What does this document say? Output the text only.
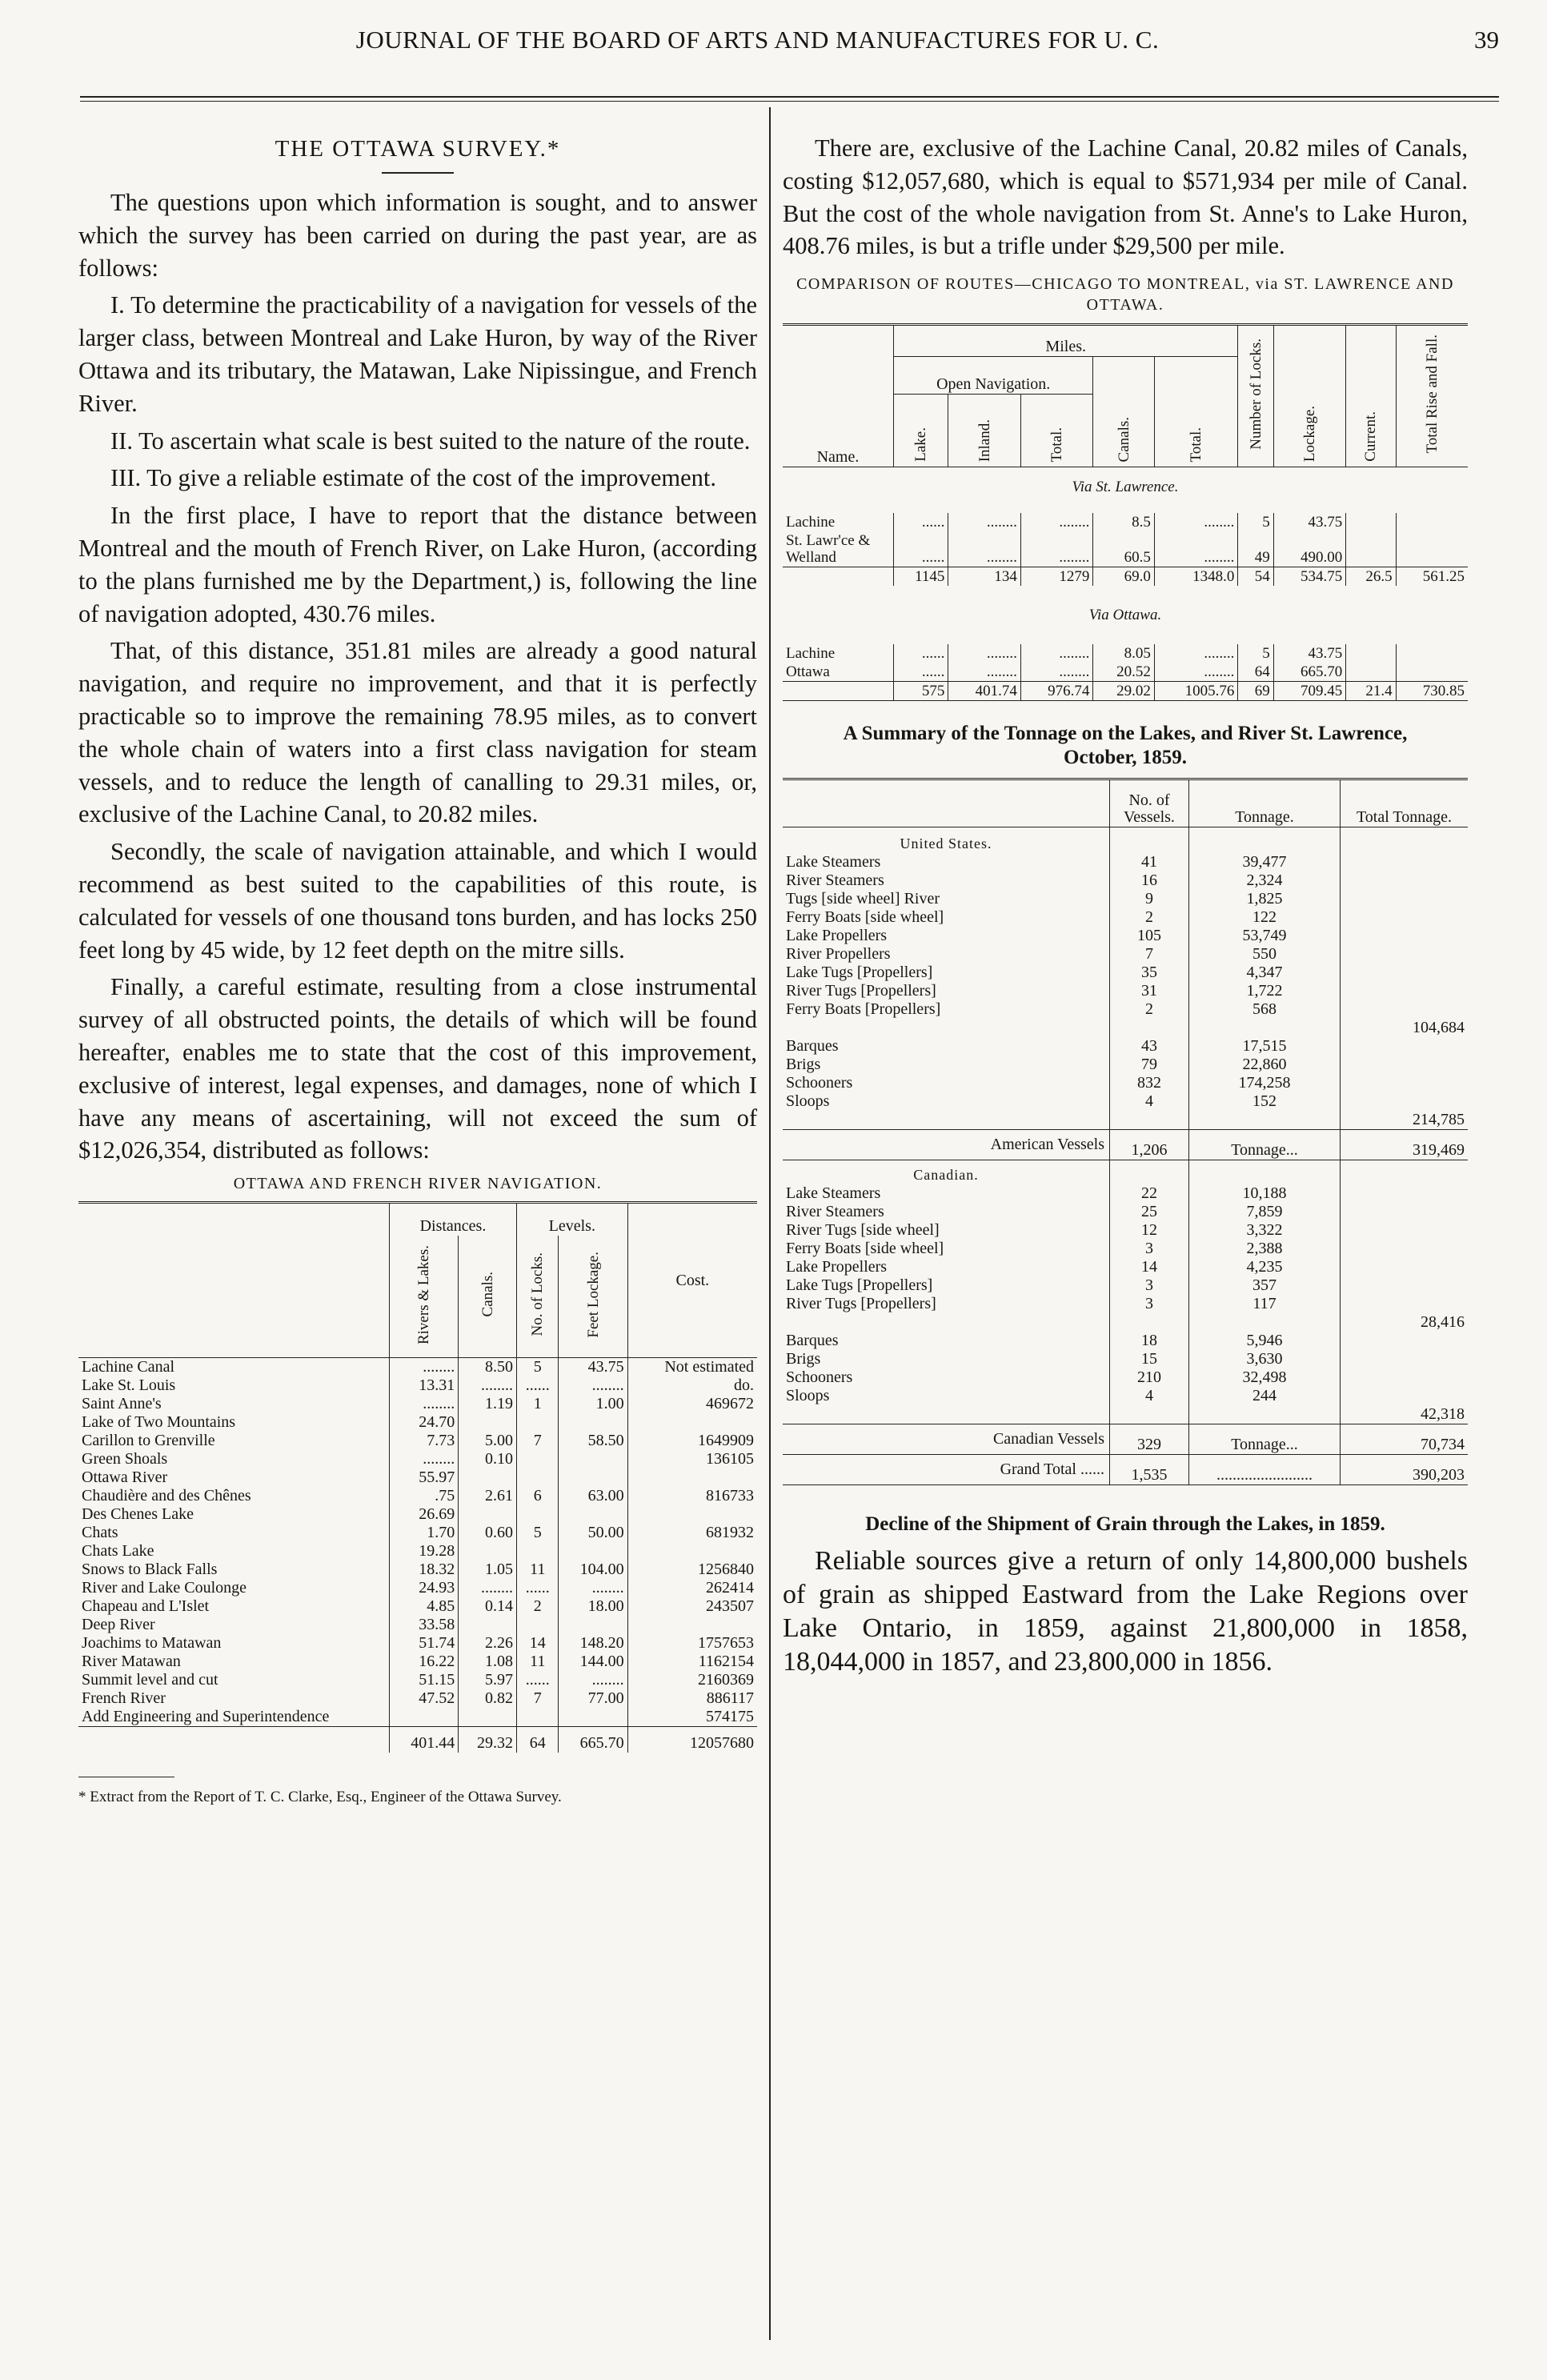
JOURNAL OF THE BOARD OF ARTS AND MANUFACTURES FOR U. C.	39
THE OTTAWA SURVEY.*

The questions upon which information is sought, and to answer which the survey has been carried on during the past year, are as follows:

I. To determine the practicability of a navigation for vessels of the larger class, between Montreal and Lake Huron, by way of the River Ottawa and its tributary, the Matawan, Lake Nipissingue, and French River.

II. To ascertain what scale is best suited to the nature of the route.

III. To give a reliable estimate of the cost of the improvement.

In the first place, I have to report that the distance between Montreal and the mouth of French River, on Lake Huron, (according to the plans furnished me by the Department,) is, following the line of navigation adopted, 430.76 miles.

That, of this distance, 351.81 miles are already a good natural navigation, and require no improvement, and that it is perfectly practicable so to improve the remaining 78.95 miles, as to convert the whole chain of waters into a first class navigation for steam vessels, and to reduce the length of canalling to 29.31 miles, or, exclusive of the Lachine Canal, to 20.82 miles.

Secondly, the scale of navigation attainable, and which I would recommend as best suited to the capabilities of this route, is calculated for vessels of one thousand tons burden, and has locks 250 feet long by 45 wide, by 12 feet depth on the mitre sills.

Finally, a careful estimate, resulting from a close instrumental survey of all obstructed points, the details of which will be found hereafter, enables me to state that the cost of this improvement, exclusive of interest, legal expenses, and damages, none of which I have any means of ascertaining, will not exceed the sum of $12,026,354, distributed as follows:

OTTAWA AND FRENCH RIVER NAVIGATION.
	Distances.		Levels.		Cost.
	Rivers & Lakes.	Canals.	No. of Locks.	Feet Lockage.	
Lachine Canal	........	8.50	5	43.75	Not estimated
Lake St. Louis	13.31	........	......	........	do.
Saint Anne's	........	1.19	1	1.00	469672
Lake of Two Mountains	24.70				
Carillon to Grenville	7.73	5.00	7	58.50	1649909
Green Shoals	........	0.10			136105
Ottawa River	55.97				
Chaudière and des Chênes	.75	2.61	6	63.00	816733
Des Chenes Lake	26.69				
Chats	1.70	0.60	5	50.00	681932
Chats Lake	19.28				
Snows to Black Falls	18.32	1.05	11	104.00	1256840
River and Lake Coulonge	24.93	........	......	........	262414
Chapeau and L'Islet	4.85	0.14	2	18.00	243507
Deep River	33.58				
Joachims to Matawan	51.74	2.26	14	148.20	1757653
River Matawan	16.22	1.08	11	144.00	1162154
Summit level and cut	51.15	5.97	......	........	2160369
French River	47.52	0.82	7	77.00	886117
Add Engineering and Superintendence					574175
	401.44	29.32	64	665.70	12057680
* Extract from the Report of T. C. Clarke, Esq., Engineer of the Ottawa Survey.

There are, exclusive of the Lachine Canal, 20.82 miles of Canals, costing $12,057,680, which is equal to $571,934 per mile of Canal. But the cost of the whole navigation from St. Anne's to Lake Huron, 408.76 miles, is but a trifle under $29,500 per mile.

COMPARISON OF ROUTES—CHICAGO TO MONTREAL, via ST. LAWRENCE AND OTTAWA.
Name.	Miles.					Number of Locks.	Lockage.	Current.	Total Rise and Fall.
	Open Navigation.			Canals.	Total.				
	Lake.	Inland.	Total.						
Via St. Lawrence.									
Lachine	......	........	........	8.5	........	5	43.75		
St. Lawr'ce & Welland	......	........	........	60.5	........	49	490.00		
	1145	134	1279	69.0	1348.0	54	534.75	26.5	561.25
Via Ottawa.									
Lachine	......	........	........	8.05	........	5	43.75		
Ottawa	......	........	........	20.52	........	64	665.70		
	575	401.74	976.74	29.02	1005.76	69	709.45	21.4	730.85
A Summary of the Tonnage on the Lakes, and River St. Lawrence, October, 1859.
	No. of Vessels.	Tonnage.	Total Tonnage.
United States.			
Lake Steamers	41	39,477	
River Steamers	16	2,324	
Tugs [side wheel] River	9	1,825	
Ferry Boats [side wheel]	2	122	
Lake Propellers	105	53,749	
River Propellers	7	550	
Lake Tugs [Propellers]	35	4,347	
River Tugs [Propellers]	31	1,722	
Ferry Boats [Propellers]	2	568	
			104,684
Barques	43	17,515	
Brigs	79	22,860	
Schooners	832	174,258	
Sloops	4	152	
			214,785
American Vessels	1,206	Tonnage...	319,469
Canadian.			
Lake Steamers	22	10,188	
River Steamers	25	7,859	
River Tugs [side wheel]	12	3,322	
Ferry Boats [side wheel]	3	2,388	
Lake Propellers	14	4,235	
Lake Tugs [Propellers]	3	357	
River Tugs [Propellers]	3	117	
			28,416
Barques	18	5,946	
Brigs	15	3,630	
Schooners	210	32,498	
Sloops	4	244	
			42,318
Canadian Vessels	329	Tonnage...	70,734
Grand Total ......	1,535	........................	390,203
Decline of the Shipment of Grain through the Lakes, in 1859.

Reliable sources give a return of only 14,800,000 bushels of grain as shipped Eastward from the Lake Regions over Lake Ontario, in 1859, against 21,800,000 in 1858, 18,044,000 in 1857, and 23,800,000 in 1856.
